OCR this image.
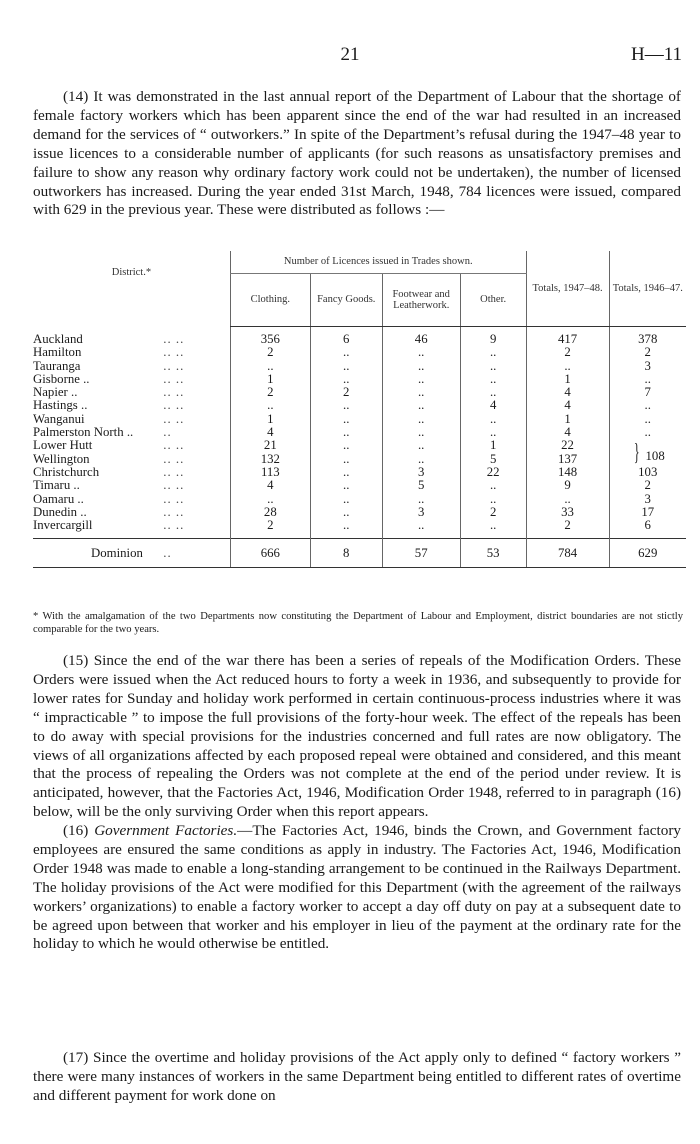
21	H—11

(14) It was demonstrated in the last annual report of the Department of Labour that the shortage of female factory workers which has been apparent since the end of the war had resulted in an increased demand for the services of “ outworkers.” In spite of the Department’s refusal during the 1947–48 year to issue licences to a considerable number of applicants (for such reasons as unsatisfactory premises and failure to show any reason why ordinary factory work could not be undertaken), the number of licensed outworkers has increased. During the year ended 31st March, 1948, 784 licences were issued, compared with 629 in the previous year. These were distributed as follows :—

District.*		Number of Licences issued in Trades shown.				Totals, 1947–48.	Totals, 1946–47.
		Clothing.	Fancy Goods.	Footwear and Leatherwork.	Other.		

Auckland	.. ..	356	6	46	9	417	378
Hamilton	.. ..	2	..	..	..	2	2
Tauranga	.. ..	..	..	..	..	..	3
Gisborne ..	.. ..	1	..	..	..	1	..
Napier ..	.. ..	2	2	..	..	4	7
Hastings ..	.. ..	..	..	..	4	4	..
Wanganui	.. ..	1	..	..	..	1	..
Palmerston North ..	..	4	..	..	..	4	..
Lower Hutt	.. ..	21	..	..	1	22	} 108
Wellington	.. ..	132	..	..	5	137	
Christchurch	.. ..	113	..	3	22	148	103
Timaru ..	.. ..	4	..	5	..	9	2
Oamaru ..	.. ..	..	..	..	..	..	3
Dunedin ..	.. ..	28	..	3	2	33	17
Invercargill	.. ..	2	..	..	..	2	6

Dominion	..	666	8	57	53	784	629
* With the amalgamation of the two Departments now constituting the Department of Labour and Employment, district boundaries are not stictly comparable for the two years.

(15) Since the end of the war there has been a series of repeals of the Modification Orders. These Orders were issued when the Act reduced hours to forty a week in 1936, and subsequently to provide for lower rates for Sunday and holiday work performed in certain continuous-process industries where it was “ impracticable ” to impose the full provisions of the forty-hour week. The effect of the repeals has been to do away with special provisions for the industries concerned and full rates are now obligatory. The views of all organizations affected by each proposed repeal were obtained and considered, and this meant that the process of repealing the Orders was not complete at the end of the period under review. It is anticipated, however, that the Factories Act, 1946, Modification Order 1948, referred to in paragraph (16) below, will be the only surviving Order when this report appears.

(16) Government Factories.—The Factories Act, 1946, binds the Crown, and Government factory employees are ensured the same conditions as apply in industry. The Factories Act, 1946, Modification Order 1948 was made to enable a long-standing arrangement to be continued in the Railways Department. The holiday provisions of the Act were modified for this Department (with the agreement of the railways workers’ organizations) to enable a factory worker to accept a day off duty on pay at a subsequent date to be agreed upon between that worker and his employer in lieu of the payment at the ordinary rate for the holiday to which he would otherwise be entitled.

(17) Since the overtime and holiday provisions of the Act apply only to defined “ factory workers ” there were many instances of workers in the same Department being entitled to different rates of overtime and different payment for work done on
